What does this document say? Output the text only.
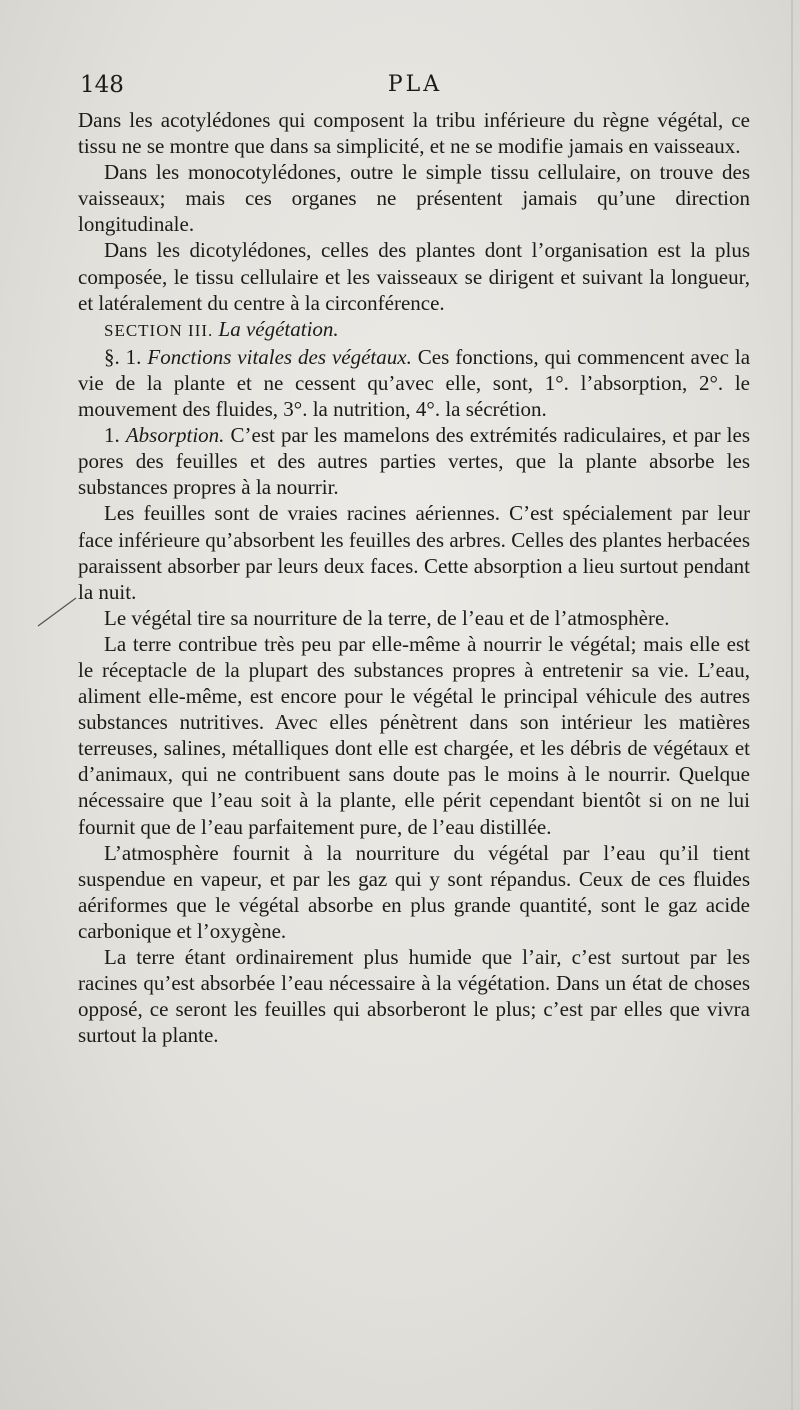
148	PLA

Dans les acotylédones qui composent la tribu inférieure du règne végétal, ce tissu ne se montre que dans sa simplicité, et ne se modifie jamais en vaisseaux.

Dans les monocotylédones, outre le simple tissu cellulaire, on trouve des vaisseaux; mais ces organes ne présentent jamais qu’une direction longitudinale.

Dans les dicotylédones, celles des plantes dont l’organisation est la plus composée, le tissu cellulaire et les vaisseaux se dirigent et suivant la longueur, et latéralement du centre à la circonférence.

SECTION III. La végétation.

§. 1. Fonctions vitales des végétaux. Ces fonctions, qui commencent avec la vie de la plante et ne cessent qu’avec elle, sont, 1°. l’absorption, 2°. le mouvement des fluides, 3°. la nutrition, 4°. la sécrétion.

1. Absorption. C’est par les mamelons des extrémités radiculaires, et par les pores des feuilles et des autres parties vertes, que la plante absorbe les substances propres à la nourrir.

Les feuilles sont de vraies racines aériennes. C’est spécialement par leur face inférieure qu’absorbent les feuilles des arbres. Celles des plantes herbacées paraissent absorber par leurs deux faces. Cette absorption a lieu surtout pendant la nuit.

Le végétal tire sa nourriture de la terre, de l’eau et de l’atmosphère.

La terre contribue très peu par elle-même à nourrir le végétal; mais elle est le réceptacle de la plupart des substances propres à entretenir sa vie. L’eau, aliment elle-même, est encore pour le végétal le principal véhicule des autres substances nutritives. Avec elles pénètrent dans son intérieur les matières terreuses, salines, métalliques dont elle est chargée, et les débris de végétaux et d’animaux, qui ne contribuent sans doute pas le moins à le nourrir. Quelque nécessaire que l’eau soit à la plante, elle périt cependant bientôt si on ne lui fournit que de l’eau parfaitement pure, de l’eau distillée.

L’atmosphère fournit à la nourriture du végétal par l’eau qu’il tient suspendue en vapeur, et par les gaz qui y sont répandus. Ceux de ces fluides aériformes que le végétal absorbe en plus grande quantité, sont le gaz acide carbonique et l’oxygène.

La terre étant ordinairement plus humide que l’air, c’est surtout par les racines qu’est absorbée l’eau nécessaire à la végétation. Dans un état de choses opposé, ce seront les feuilles qui absorberont le plus; c’est par elles que vivra surtout la plante.
